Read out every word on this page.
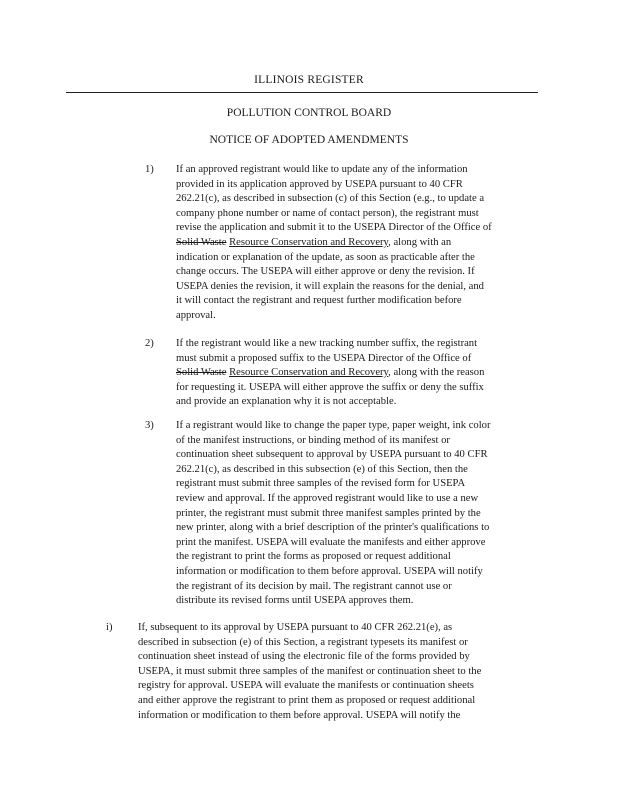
ILLINOIS REGISTER
POLLUTION CONTROL BOARD
NOTICE OF ADOPTED AMENDMENTS
1) If an approved registrant would like to update any of the information

provided in its application approved by USEPA pursuant to 40 CFR

262.21(c), as described in subsection (c) of this Section (e.g., to update a

company phone number or name of contact person), the registrant must

revise the application and submit it to the USEPA Director of the Office of

Solid Waste Resource Conservation and Recovery, along with an

indication or explanation of the update, as soon as practicable after the

change occurs. The USEPA will either approve or deny the revision. If

USEPA denies the revision, it will explain the reasons for the denial, and

it will contact the registrant and request further modification before

approval.

2) If the registrant would like a new tracking number suffix, the registrant

must submit a proposed suffix to the USEPA Director of the Office of

Solid Waste Resource Conservation and Recovery, along with the reason

for requesting it. USEPA will either approve the suffix or deny the suffix

and provide an explanation why it is not acceptable.

3) If a registrant would like to change the paper type, paper weight, ink color

of the manifest instructions, or binding method of its manifest or

continuation sheet subsequent to approval by USEPA pursuant to 40 CFR

262.21(c), as described in this subsection (e) of this Section, then the

registrant must submit three samples of the revised form for USEPA

review and approval. If the approved registrant would like to use a new

printer, the registrant must submit three manifest samples printed by the

new printer, along with a brief description of the printer's qualifications to

print the manifest. USEPA will evaluate the manifests and either approve

the registrant to print the forms as proposed or request additional

information or modification to them before approval. USEPA will notify

the registrant of its decision by mail. The registrant cannot use or

distribute its revised forms until USEPA approves them.

i) If, subsequent to its approval by USEPA pursuant to 40 CFR 262.21(e), as

described in subsection (e) of this Section, a registrant typesets its manifest or

continuation sheet instead of using the electronic file of the forms provided by

USEPA, it must submit three samples of the manifest or continuation sheet to the

registry for approval. USEPA will evaluate the manifests or continuation sheets

and either approve the registrant to print them as proposed or request additional

information or modification to them before approval. USEPA will notify the
